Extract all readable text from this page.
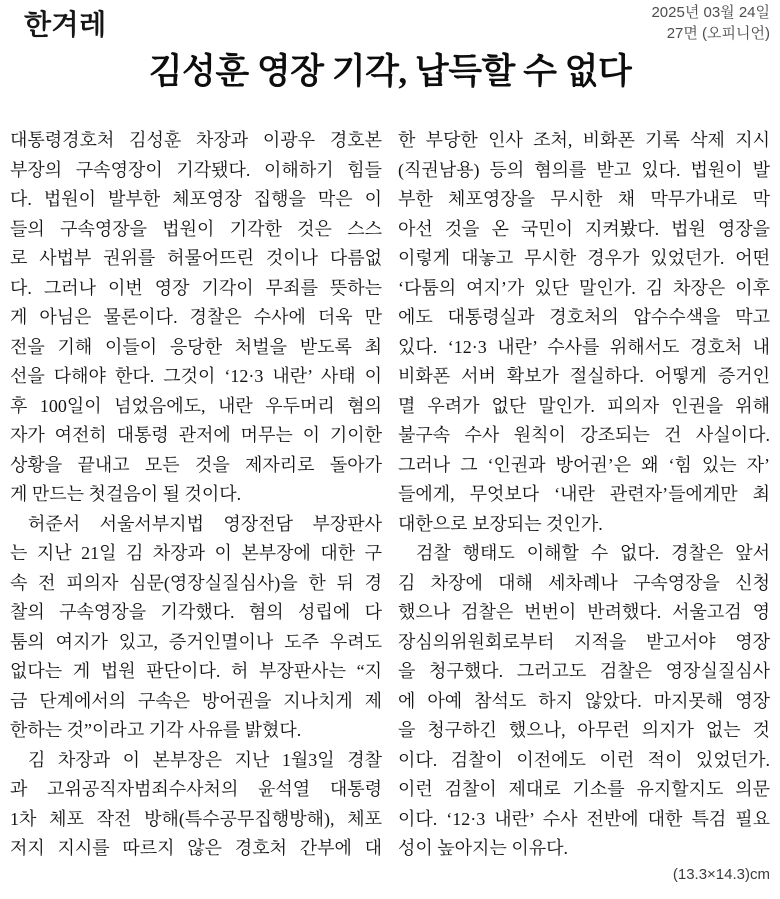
한겨레	2025년 03월 24일
27면 (오피니언)
김성훈 영장 기각, 납득할 수 없다
대통령경호처 김성훈 차장과 이광우 경호본
부장의 구속영장이 기각됐다. 이해하기 힘들
다. 법원이 발부한 체포영장 집행을 막은 이
들의 구속영장을 법원이 기각한 것은 스스
로 사법부 권위를 허물어뜨린 것이나 다름없
다. 그러나 이번 영장 기각이 무죄를 뜻하는
게 아님은 물론이다. 경찰은 수사에 더욱 만
전을 기해 이들이 응당한 처벌을 받도록 최
선을 다해야 한다. 그것이 ‘12·3 내란’ 사태 이
후 100일이 넘었음에도, 내란 우두머리 혐의
자가 여전히 대통령 관저에 머무는 이 기이한
상황을 끝내고 모든 것을 제자리로 돌아가
게 만드는 첫걸음이 될 것이다.
허준서 서울서부지법 영장전담 부장판사
는 지난 21일 김 차장과 이 본부장에 대한 구
속 전 피의자 심문(영장실질심사)을 한 뒤 경
찰의 구속영장을 기각했다. 혐의 성립에 다
툼의 여지가 있고, 증거인멸이나 도주 우려도
없다는 게 법원 판단이다. 허 부장판사는 “지
금 단계에서의 구속은 방어권을 지나치게 제
한하는 것”이라고 기각 사유를 밝혔다.
김 차장과 이 본부장은 지난 1월3일 경찰
과 고위공직자범죄수사처의 윤석열 대통령
1차 체포 작전 방해(특수공무집행방해), 체포
저지 지시를 따르지 않은 경호처 간부에 대
한 부당한 인사 조처, 비화폰 기록 삭제 지시
(직권남용) 등의 혐의를 받고 있다. 법원이 발
부한 체포영장을 무시한 채 막무가내로 막
아선 것을 온 국민이 지켜봤다. 법원 영장을
이렇게 대놓고 무시한 경우가 있었던가. 어떤
‘다툼의 여지’가 있단 말인가. 김 차장은 이후
에도 대통령실과 경호처의 압수수색을 막고
있다. ‘12·3 내란’ 수사를 위해서도 경호처 내
비화폰 서버 확보가 절실하다. 어떻게 증거인
멸 우려가 없단 말인가. 피의자 인권을 위해
불구속 수사 원칙이 강조되는 건 사실이다.
그러나 그 ‘인권과 방어권’은 왜 ‘힘 있는 자’
들에게, 무엇보다 ‘내란 관련자’들에게만 최
대한으로 보장되는 것인가.
검찰 행태도 이해할 수 없다. 경찰은 앞서
김 차장에 대해 세차례나 구속영장을 신청
했으나 검찰은 번번이 반려했다. 서울고검 영
장심의위원회로부터 지적을 받고서야 영장
을 청구했다. 그러고도 검찰은 영장실질심사
에 아예 참석도 하지 않았다. 마지못해 영장
을 청구하긴 했으나, 아무런 의지가 없는 것
이다. 검찰이 이전에도 이런 적이 있었던가.
이런 검찰이 제대로 기소를 유지할지도 의문
이다. ‘12·3 내란’ 수사 전반에 대한 특검 필요
성이 높아지는 이유다.
(13.3×14.3)cm
